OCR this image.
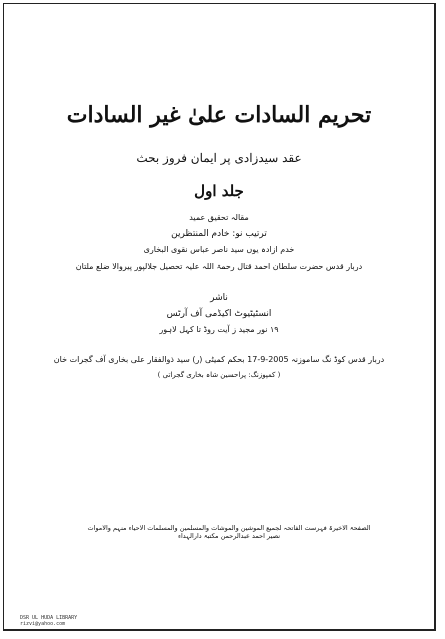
تحریم السادات علیٰ غیر السادات
عقد سیدزادی پر ایمان فروز بحث
جلد اول
مقالہ تحقیق عمید
ترتیب نو: خادم المنتظرین
خدم ازادہ یوں سید ناصر عباس نقوی البخاری
دربار قدس حضرت سلطان احمد قتال رحمۃ اللہ علیہ تحصیل جلالپور پیروالا ضلع ملتان
ناشر
انسٹیٹیوٹ اکیڈمی آف آرٹس
۱۹ نور مجید ز آیت روڈ تا کہل لاہور
دربار قدس کوڈ نگ ساموزنہ 2005-9-17 بحکم کمیٹی (ر) سید ذوالفقار علی بخاری آف گجرات خان
( کمپوزنگ: پراحسین شاہ بخاری گجراتی )
الصفحۃ الاخیرۃ فہرست الفاتحہ لجمیع الموشین والموشات والمسلمین والمسلمات الاحیاء منہم والاموات نصیر احمد عبدالرحمن مکتبۃ دارالہداء
DSR UL HUDA LIBRARY
rizvi@yahoo.com
